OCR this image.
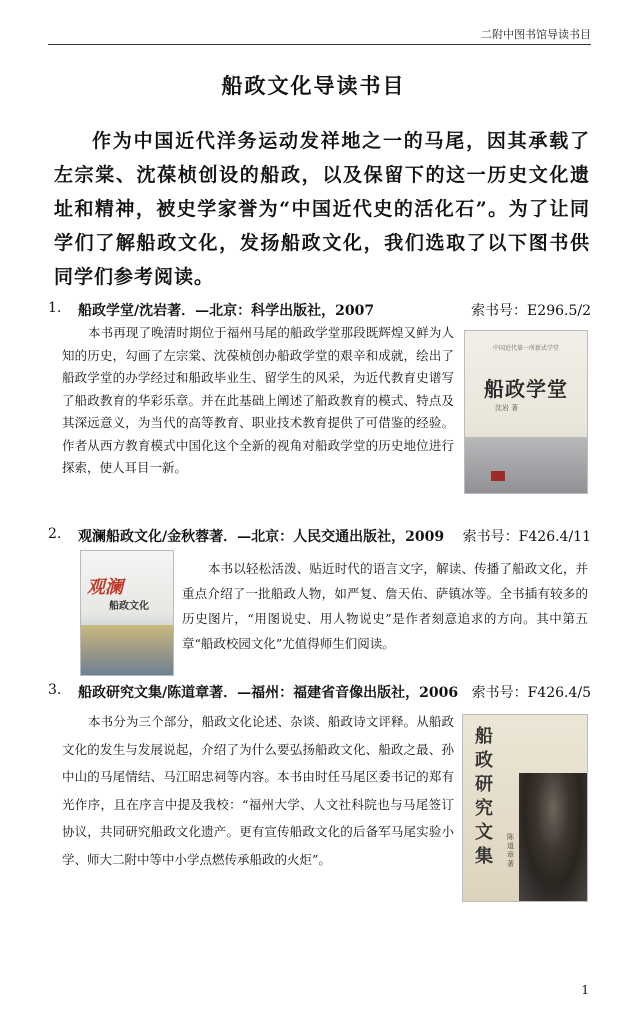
二附中图书馆导读书目
船政文化导读书目
作为中国近代洋务运动发祥地之一的马尾，因其承载了左宗棠、沈葆桢创设的船政，以及保留下的这一历史文化遗址和精神，被史学家誉为“中国近代史的活化石”。为了让同学们了解船政文化，发扬船政文化，我们选取了以下图书供同学们参考阅读。
1. 船政学堂/沈岩著．—北京：科学出版社，2007	索书号：E296.5/2
本书再现了晚清时期位于福州马尾的船政学堂那段既辉煌又鲜为人知的历史，勾画了左宗棠、沈葆桢创办船政学堂的艰辛和成就，绘出了船政学堂的办学经过和船政毕业生、留学生的风采，为近代教育史谱写了船政教育的华彩乐章。并在此基础上阐述了船政教育的模式、特点及其深远意义，为当代的高等教育、职业技术教育提供了可借鉴的经验。作者从西方教育模式中国化这个全新的视角对船政学堂的历史地位进行探索，使人耳目一新。
中国近代第一所新式学堂
船政学堂
沈岩 著
2. 观澜船政文化/金秋蓉著．—北京：人民交通出版社，2009 索书号：F426.4/11
观澜
船政文化
本书以轻松活泼、贴近时代的语言文字，解读、传播了船政文化，并重点介绍了一批船政人物，如严复、詹天佑、萨镇冰等。全书插有较多的历史图片，“用图说史、用人物说史”是作者刻意追求的方向。其中第五章“船政校园文化”尤值得师生们阅读。
3. 船政研究文集/陈道章著．—福州：福建省音像出版社，2006 索书号：F426.4/5
本书分为三个部分，船政文化论述、杂谈、船政诗文评释。从船政文化的发生与发展说起，介绍了为什么要弘扬船政文化、船政之最、孙中山的马尾情结、马江昭忠祠等内容。本书由时任马尾区委书记的郑有光作序，且在序言中提及我校：“福州大学、人文社科院也与马尾签订协议，共同研究船政文化遗产。更有宣传船政文化的后备军马尾实验小学、师大二附中等中小学点燃传承船政的火炬”。
船政研究文集
陈道章 著
1
